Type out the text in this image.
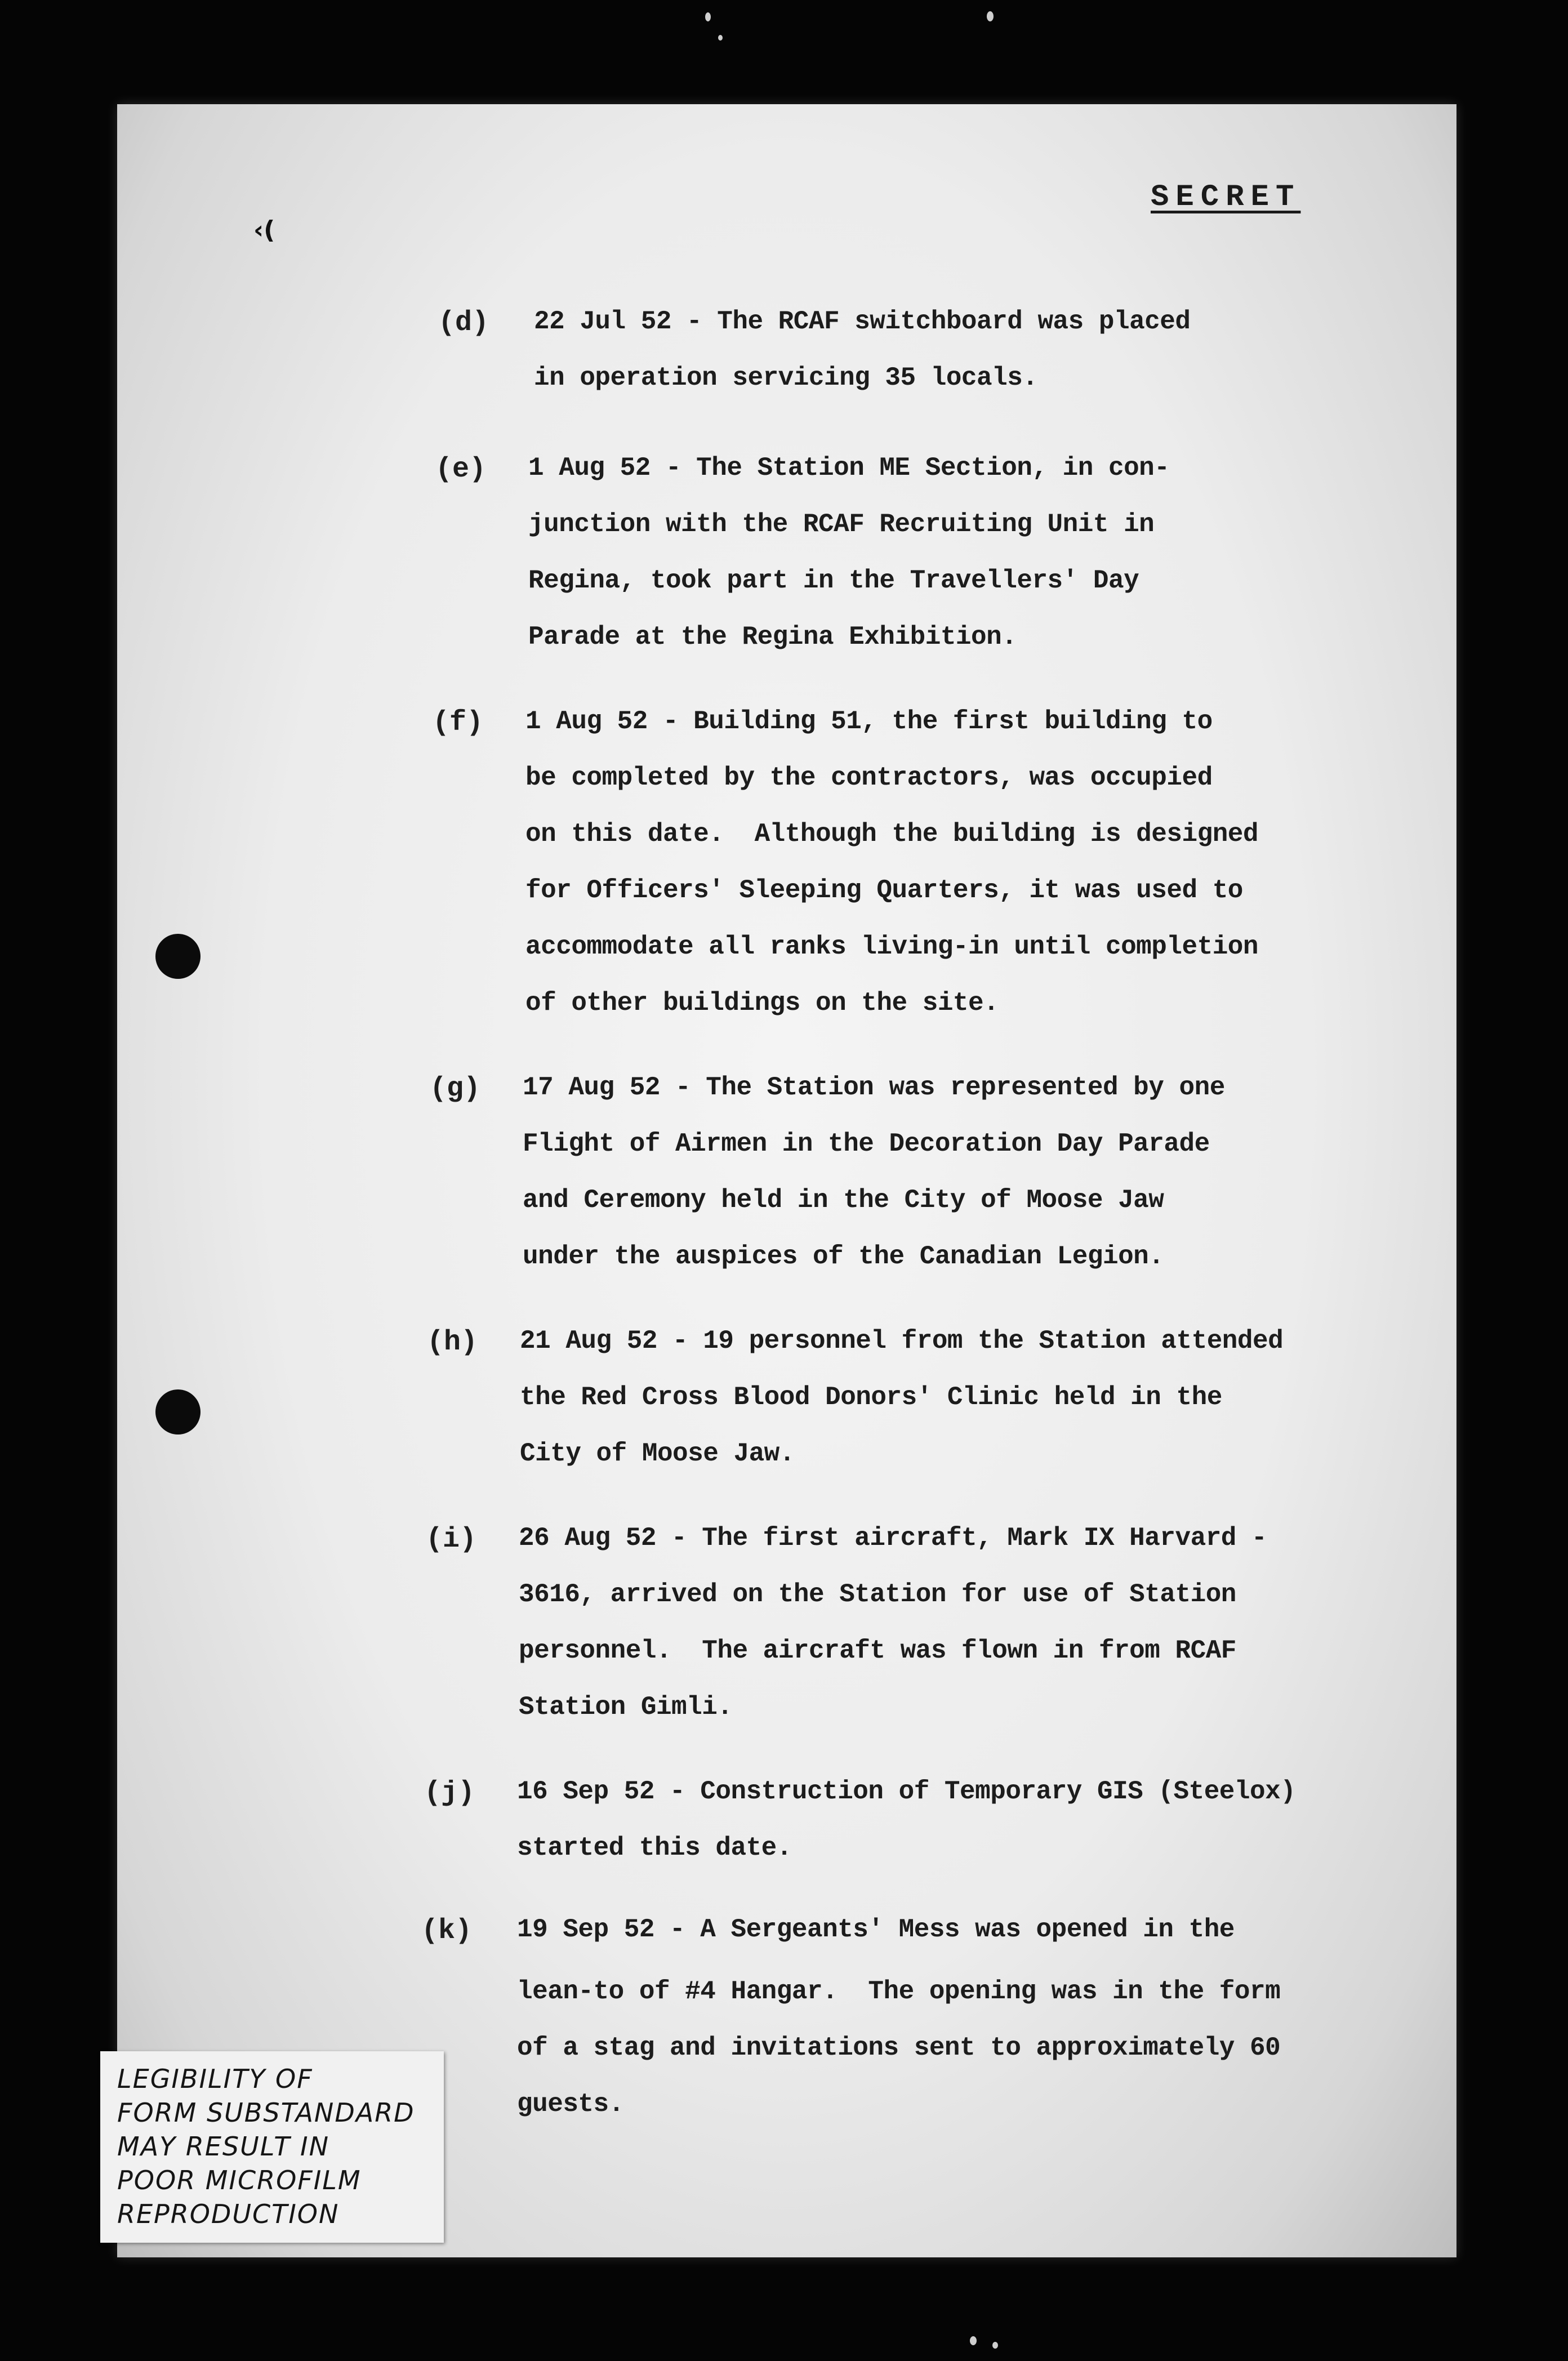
‹(
SECRET
(d) 22 Jul 52 - The RCAF switchboard was placed
in operation servicing 35 locals.
(e) 1 Aug 52 - The Station ME Section, in con-
junction with the RCAF Recruiting Unit in
Regina, took part in the Travellers' Day
Parade at the Regina Exhibition.
(f) 1 Aug 52 - Building 51, the first building to
be completed by the contractors, was occupied
on this date.  Although the building is designed
for Officers' Sleeping Quarters, it was used to
accommodate all ranks living-in until completion
of other buildings on the site.
(g) 17 Aug 52 - The Station was represented by one
Flight of Airmen in the Decoration Day Parade
and Ceremony held in the City of Moose Jaw
under the auspices of the Canadian Legion.
(h) 21 Aug 52 - 19 personnel from the Station attended
the Red Cross Blood Donors' Clinic held in the
City of Moose Jaw.
(i) 26 Aug 52 - The first aircraft, Mark IX Harvard -
3616, arrived on the Station for use of Station
personnel.  The aircraft was flown in from RCAF
Station Gimli.
(j) 16 Sep 52 - Construction of Temporary GIS (Steelox)
started this date.
(k) 19 Sep 52 - A Sergeants' Mess was opened in the
lean-to of #4 Hangar.  The opening was in the form
of a stag and invitations sent to approximately 60
guests.
LEGIBILITY OF
FORM SUBSTANDARD
MAY RESULT IN
POOR MICROFILM
REPRODUCTION
